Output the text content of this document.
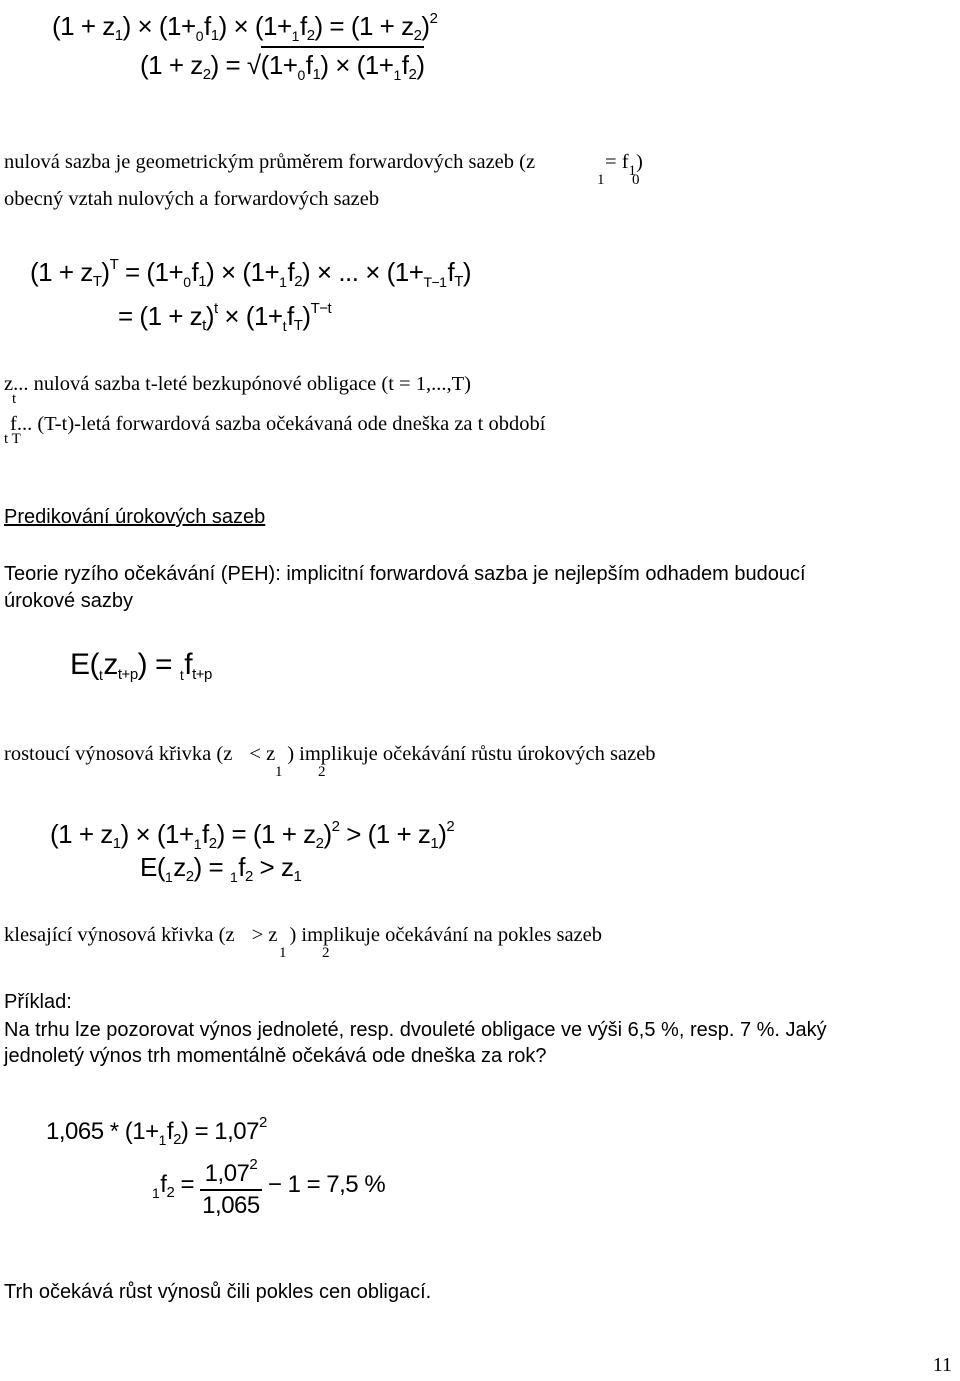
$(1 + z_1) \times (1+_0f_1) \times (1+_1f_2) = (1 + z_2)^2$
$(1 + z_2) = √(1+_0f_1) \times (1+_1f_2)$
nulová sazba je geometrickým průměrem forwardových sazeb (z	= $f_1$)
1 0
obecný vztah nulových a forwardových sazeb
$(1 + z_T)^T = (1+_0f_1) \times (1+_1f_2)$ × ... × $(1+_{T-1}f_T)$
= $(1 + z_t)^t \times (1+_tf_T)^{T-t}$
z... nulová sazba t-leté bezkupónové obligace (t = 1,...,T)
t
f... (T-t)-letá forwardová sazba očekávaná ode dneška za t období
t T
Predikování úrokových sazeb
Teorie ryzího očekávání (PEH): implicitní forwardová sazba je nejlepším odhadem budoucí
úrokové sazby
$E(_tz_{t+p}) = _tf_{t+p}$
rostoucí výnosová křivka (z < z ) implikuje očekávání růstu úrokových sazeb
1 2
$(1 + z_1) \times (1+_1f_2) = (1 + z_2)^2 > (1 + z_1)^2$
$E(_1z_2) = _1f_2 > z_1$
klesající výnosová křivka (z > z ) implikuje očekávání na pokles sazeb
1 2
Příklad:
Na trhu lze pozorovat výnos jednoleté, resp. dvouleté obligace ve výši 6,5 %, resp. 7 %. Jaký
jednoletý výnos trh momentálně očekává ode dneška za rok?
$1,065 * (1+_1f_2) = 1,07^2$
$_1f_2 = \frac{1,07^2}{1,065} - 1 = 7,5$ %
Trh očekává růst výnosů čili pokles cen obligací.
11
